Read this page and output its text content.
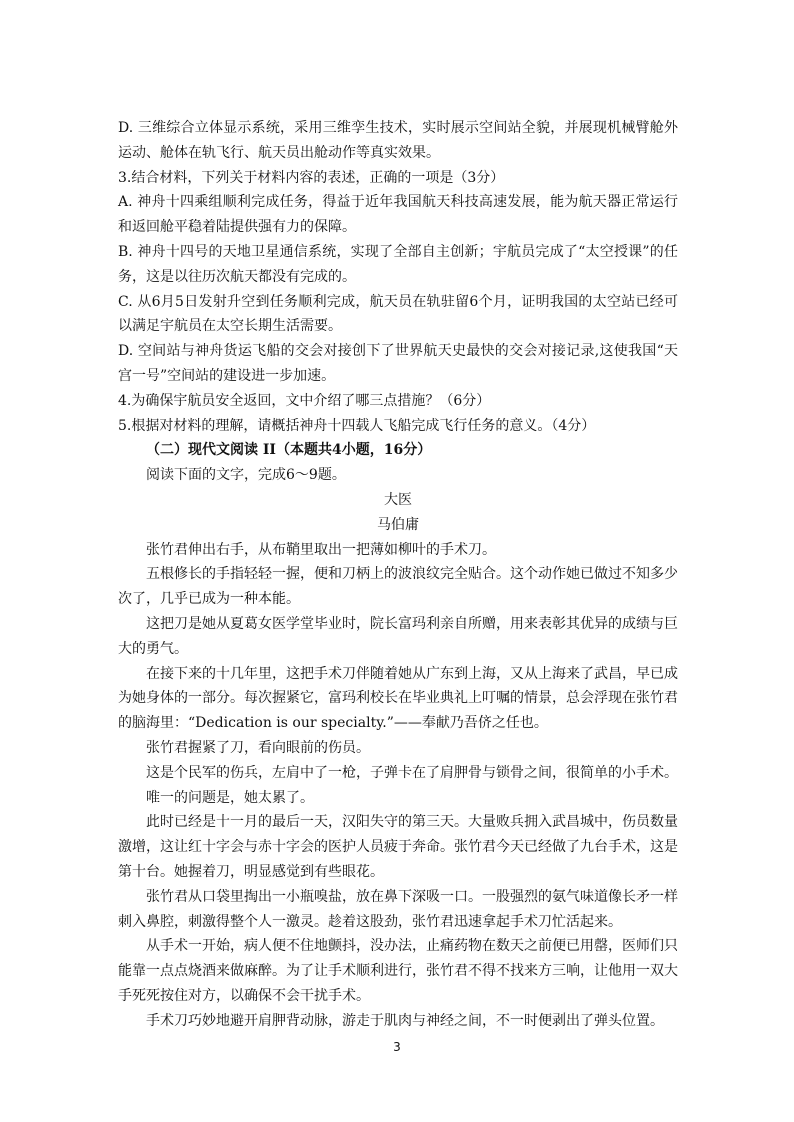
D. 三维综合立体显示系统，采用三维孪生技术，实时展示空间站全貌，并展现机械臂舱外运动、舱体在轨飞行、航天员出舱动作等真实效果。

3.结合材料，下列关于材料内容的表述，正确的一项是（3分）

A. 神舟十四乘组顺利完成任务，得益于近年我国航天科技高速发展，能为航天器正常运行和返回舱平稳着陆提供强有力的保障。

B. 神舟十四号的天地卫星通信系统，实现了全部自主创新；宇航员完成了“太空授课”的任务，这是以往历次航天都没有完成的。

C. 从6月5日发射升空到任务顺利完成，航天员在轨驻留6个月，证明我国的太空站已经可以满足宇航员在太空长期生活需要。

D. 空间站与神舟货运飞船的交会对接创下了世界航天史最快的交会对接记录,这使我国“天宫一号”空间站的建设进一步加速。

4.为确保宇航员安全返回，文中介绍了哪三点措施？（6分）

5.根据对材料的理解，请概括神舟十四载人飞船完成飞行任务的意义。（4分）

（二）现代文阅读 II（本题共4小题，16分）

阅读下面的文字，完成6～9题。

大医

马伯庸

张竹君伸出右手，从布鞘里取出一把薄如柳叶的手术刀。

五根修长的手指轻轻一握，便和刀柄上的波浪纹完全贴合。这个动作她已做过不知多少次了，几乎已成为一种本能。

这把刀是她从夏葛女医学堂毕业时，院长富玛利亲自所赠，用来表彰其优异的成绩与巨大的勇气。

在接下来的十几年里，这把手术刀伴随着她从广东到上海，又从上海来了武昌，早已成为她身体的一部分。每次握紧它，富玛利校长在毕业典礼上叮嘱的情景，总会浮现在张竹君的脑海里：“Dedication is our specialty.”——奉献乃吾侪之任也。

张竹君握紧了刀，看向眼前的伤员。

这是个民军的伤兵，左肩中了一枪，子弹卡在了肩胛骨与锁骨之间，很简单的小手术。

唯一的问题是，她太累了。

此时已经是十一月的最后一天，汉阳失守的第三天。大量败兵拥入武昌城中，伤员数量激增，这让红十字会与赤十字会的医护人员疲于奔命。张竹君今天已经做了九台手术，这是第十台。她握着刀，明显感觉到有些眼花。

张竹君从口袋里掏出一小瓶嗅盐，放在鼻下深吸一口。一股强烈的氨气味道像长矛一样刺入鼻腔，刺激得整个人一激灵。趁着这股劲，张竹君迅速拿起手术刀忙活起来。

从手术一开始，病人便不住地颤抖，没办法，止痛药物在数天之前便已用罄，医师们只能靠一点点烧酒来做麻醉。为了让手术顺利进行，张竹君不得不找来方三响，让他用一双大手死死按住对方，以确保不会干扰手术。

手术刀巧妙地避开肩胛背动脉，游走于肌肉与神经之间，不一时便剥出了弹头位置。

3
